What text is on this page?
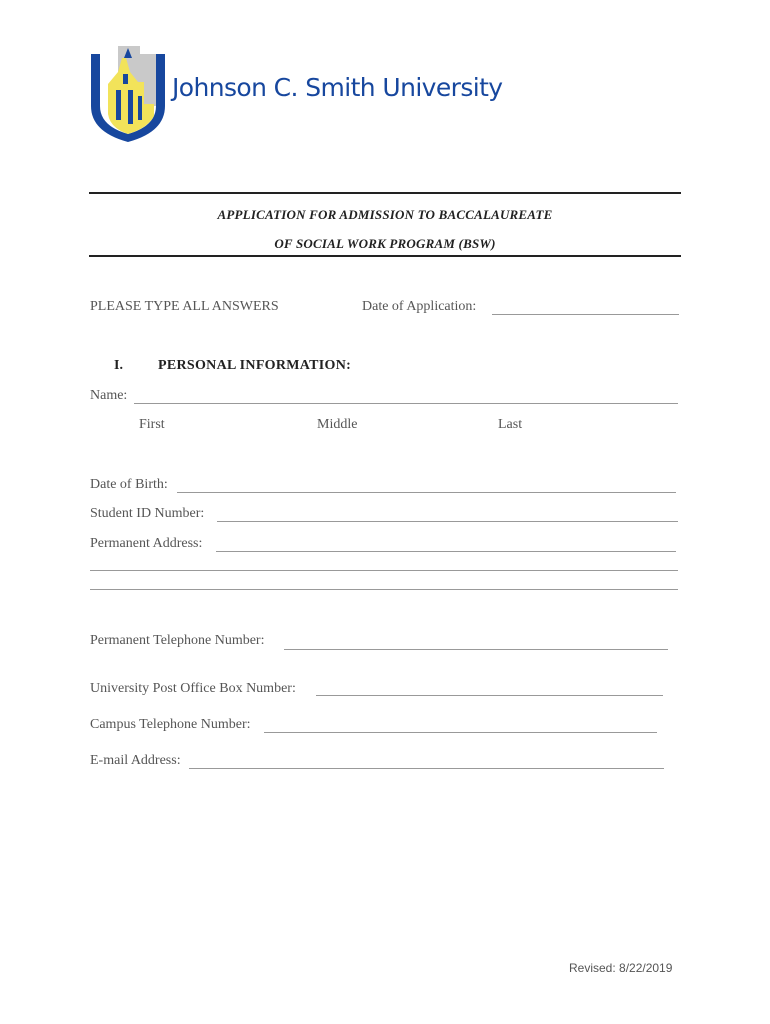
Johnson C. Smith University
APPLICATION FOR ADMISSION TO BACCALAUREATE
OF SOCIAL WORK PROGRAM (BSW)
PLEASE TYPE ALL ANSWERS	Date of Application:
I.	PERSONAL INFORMATION:
Name:
First	Middle	Last
Date of Birth:
Student ID Number:
Permanent Address:
Permanent Telephone Number:
University Post Office Box Number:
Campus Telephone Number:
E-mail Address:
Revised: 8/22/2019
